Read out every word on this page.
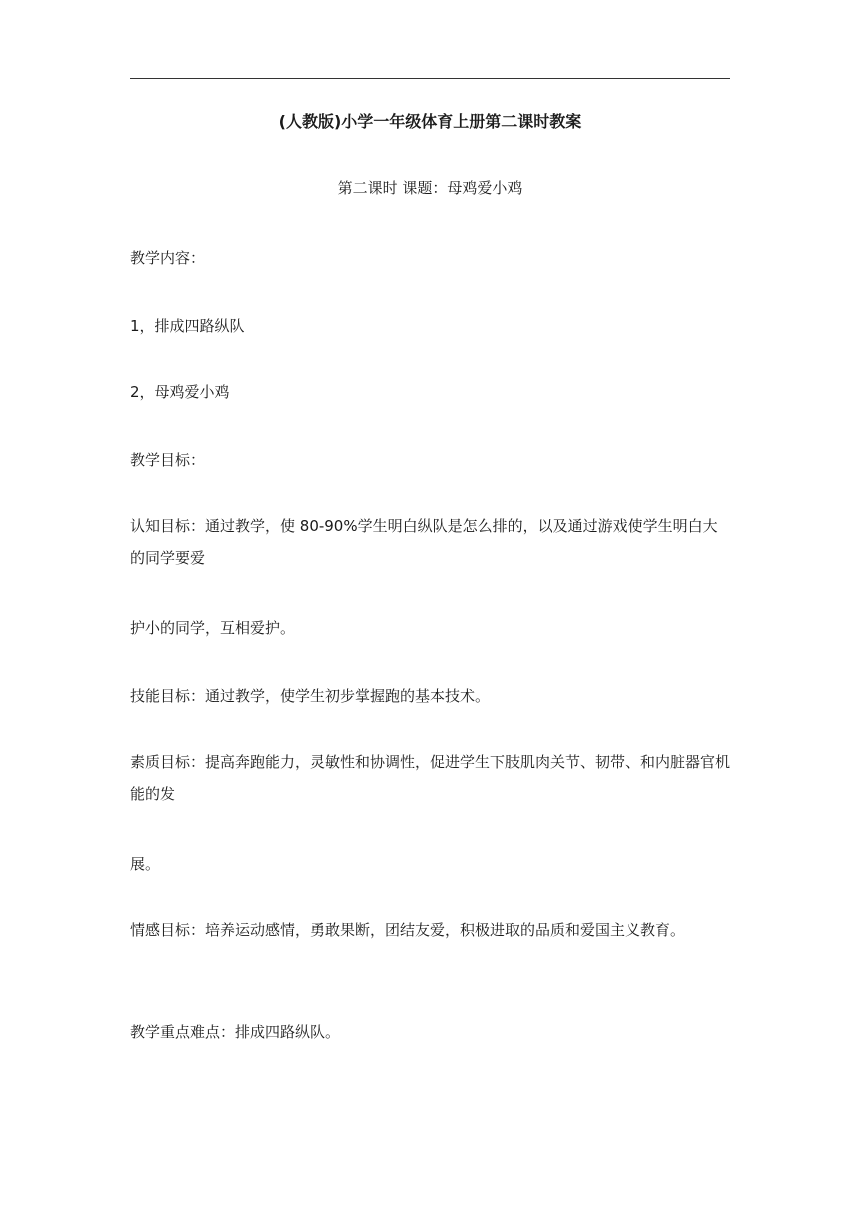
(人教版)小学一年级体育上册第二课时教案
第二课时 课题：母鸡爱小鸡

教学内容：

1，排成四路纵队

2，母鸡爱小鸡

教学目标：

认知目标：通过教学，使 80-90%学生明白纵队是怎么排的，以及通过游戏使学生明白大的同学要爱

护小的同学，互相爱护。

技能目标：通过教学，使学生初步掌握跑的基本技术。

素质目标：提高奔跑能力，灵敏性和协调性，促进学生下肢肌肉关节、韧带、和内脏器官机能的发

展。

情感目标：培养运动感情，勇敢果断，团结友爱，积极进取的品质和爱国主义教育。

教学重点难点：排成四路纵队。
